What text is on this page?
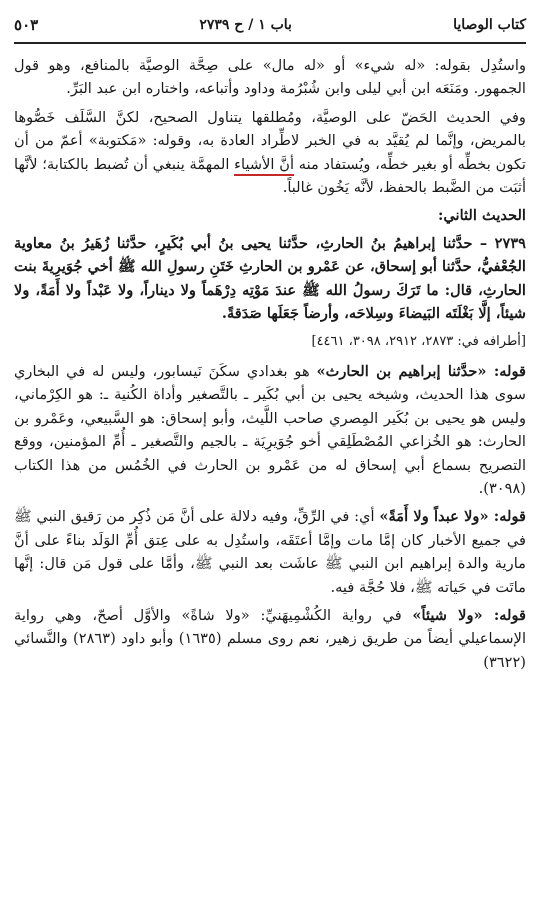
كتاب الوصايا
باب ١ / ح ٢٧٣٩
٥٠٣

واستُدِل بقوله: «له شيء» أو «له مال» على صِحَّة الوصيَّة بالمنافع، وهو قول الجمهور. ومَنَعَه ابن أبي ليلى وابن شُبْرُمة وداود وأتباعه، واختاره ابن عبد البَرِّ.

وفي الحديث الحَضّ على الوصيَّة، ومُطلقها يتناول الصحيح، لكنَّ السَّلَف خَصُّوها بالمريض، وإنَّما لم يُقيَّد به في الخبر لاطِّراد العادة به، وقوله: «مَكتوبة» أعمّ من أن تكون بخطِّه أو بغير خطِّه، ويُستفاد منه أنَّ الأشياء المهمَّة ينبغي أن تُضبط بالكتابة؛ لأنَّها أثبَت من الضَّبط بالحفظ، لأنَّه يَخُون غالباً.

الحديث الثاني:

٢٧٣٩ – حدَّثنا إبراهيمُ بنُ الحارثِ، حدَّثنا يحيى بنُ أبي بُكَيرٍ، حدَّثنا زُهَيرُ بنُ معاوية الجُعْفيُّ، حدَّثنا أبو إسحاق، عن عَمْرو بن الحارثِ خَتَنِ رسولِ الله ﷺ أخي جُوَيرِيةَ بنت الحارثِ، قال: ما تَرَكَ رسولُ الله ﷺ عندَ مَوْتِه دِرْهَماً ولا ديناراً، ولا عَبْداً ولا أَمَةً، ولا شيئاً، إلَّا بَغْلَتَه البَيضاءَ وسِلاحَه، وأرضاً جَعَلَها صَدَقةً.

[أطرافه في: ٢٨٧٣، ٢٩١٢، ٣٠٩٨، ٤٤٦١]

قوله: «حدَّثنا إبراهيم بن الحارث» هو بغدادي سكَنَ نَيسابور، وليس له في البخاري سوى هذا الحديث، وشيخه يحيى بن أبي بُكَير ـ بالتَّصغير وأداة الكُنية ـ: هو الكِرْماني، وليس هو يحيى بن بُكَير المِصري صاحب اللَّيث، وأبو إسحاق: هو السَّبيعي، وعَمْرو بن الحارث: هو الخُزاعي المُصْطَلِقي أخو جُوَيرِيَة ـ بالجيم والتَّصغير ـ أُمِّ المؤمنين، ووقع التصريح بسماع أبي إسحاق له من عَمْرو بن الحارث في الخُمُس من هذا الكتاب (٣٠٩٨).

قوله: «ولا عبداً ولا أَمَةً» أي: في الرِّقِّ، وفيه دلالة على أنَّ مَن ذُكِر من رَقيق النبي ﷺ في جميع الأخبار كان إمَّا مات وإمَّا أعتَقَه، واستُدِل به على عِتق أُمِّ الوَلَد بناءً على أنَّ مارية والدة إبراهيم ابن النبي ﷺ عاشَت بعد النبي ﷺ، وأمَّا على قول مَن قال: إنَّها ماتَت في حَياته ﷺ، فلا حُجَّة فيه.

قوله: «ولا شيئاً» في رواية الكُشْمِيهَنيِّ: «ولا شاةً» والأوَّل أصحّ، وهي رواية الإسماعيلي أيضاً من طريق زهير، نعم روى مسلم (١٦٣٥) وأبو داود (٢٨٦٣) والنَّسائي (٣٦٢٢)
